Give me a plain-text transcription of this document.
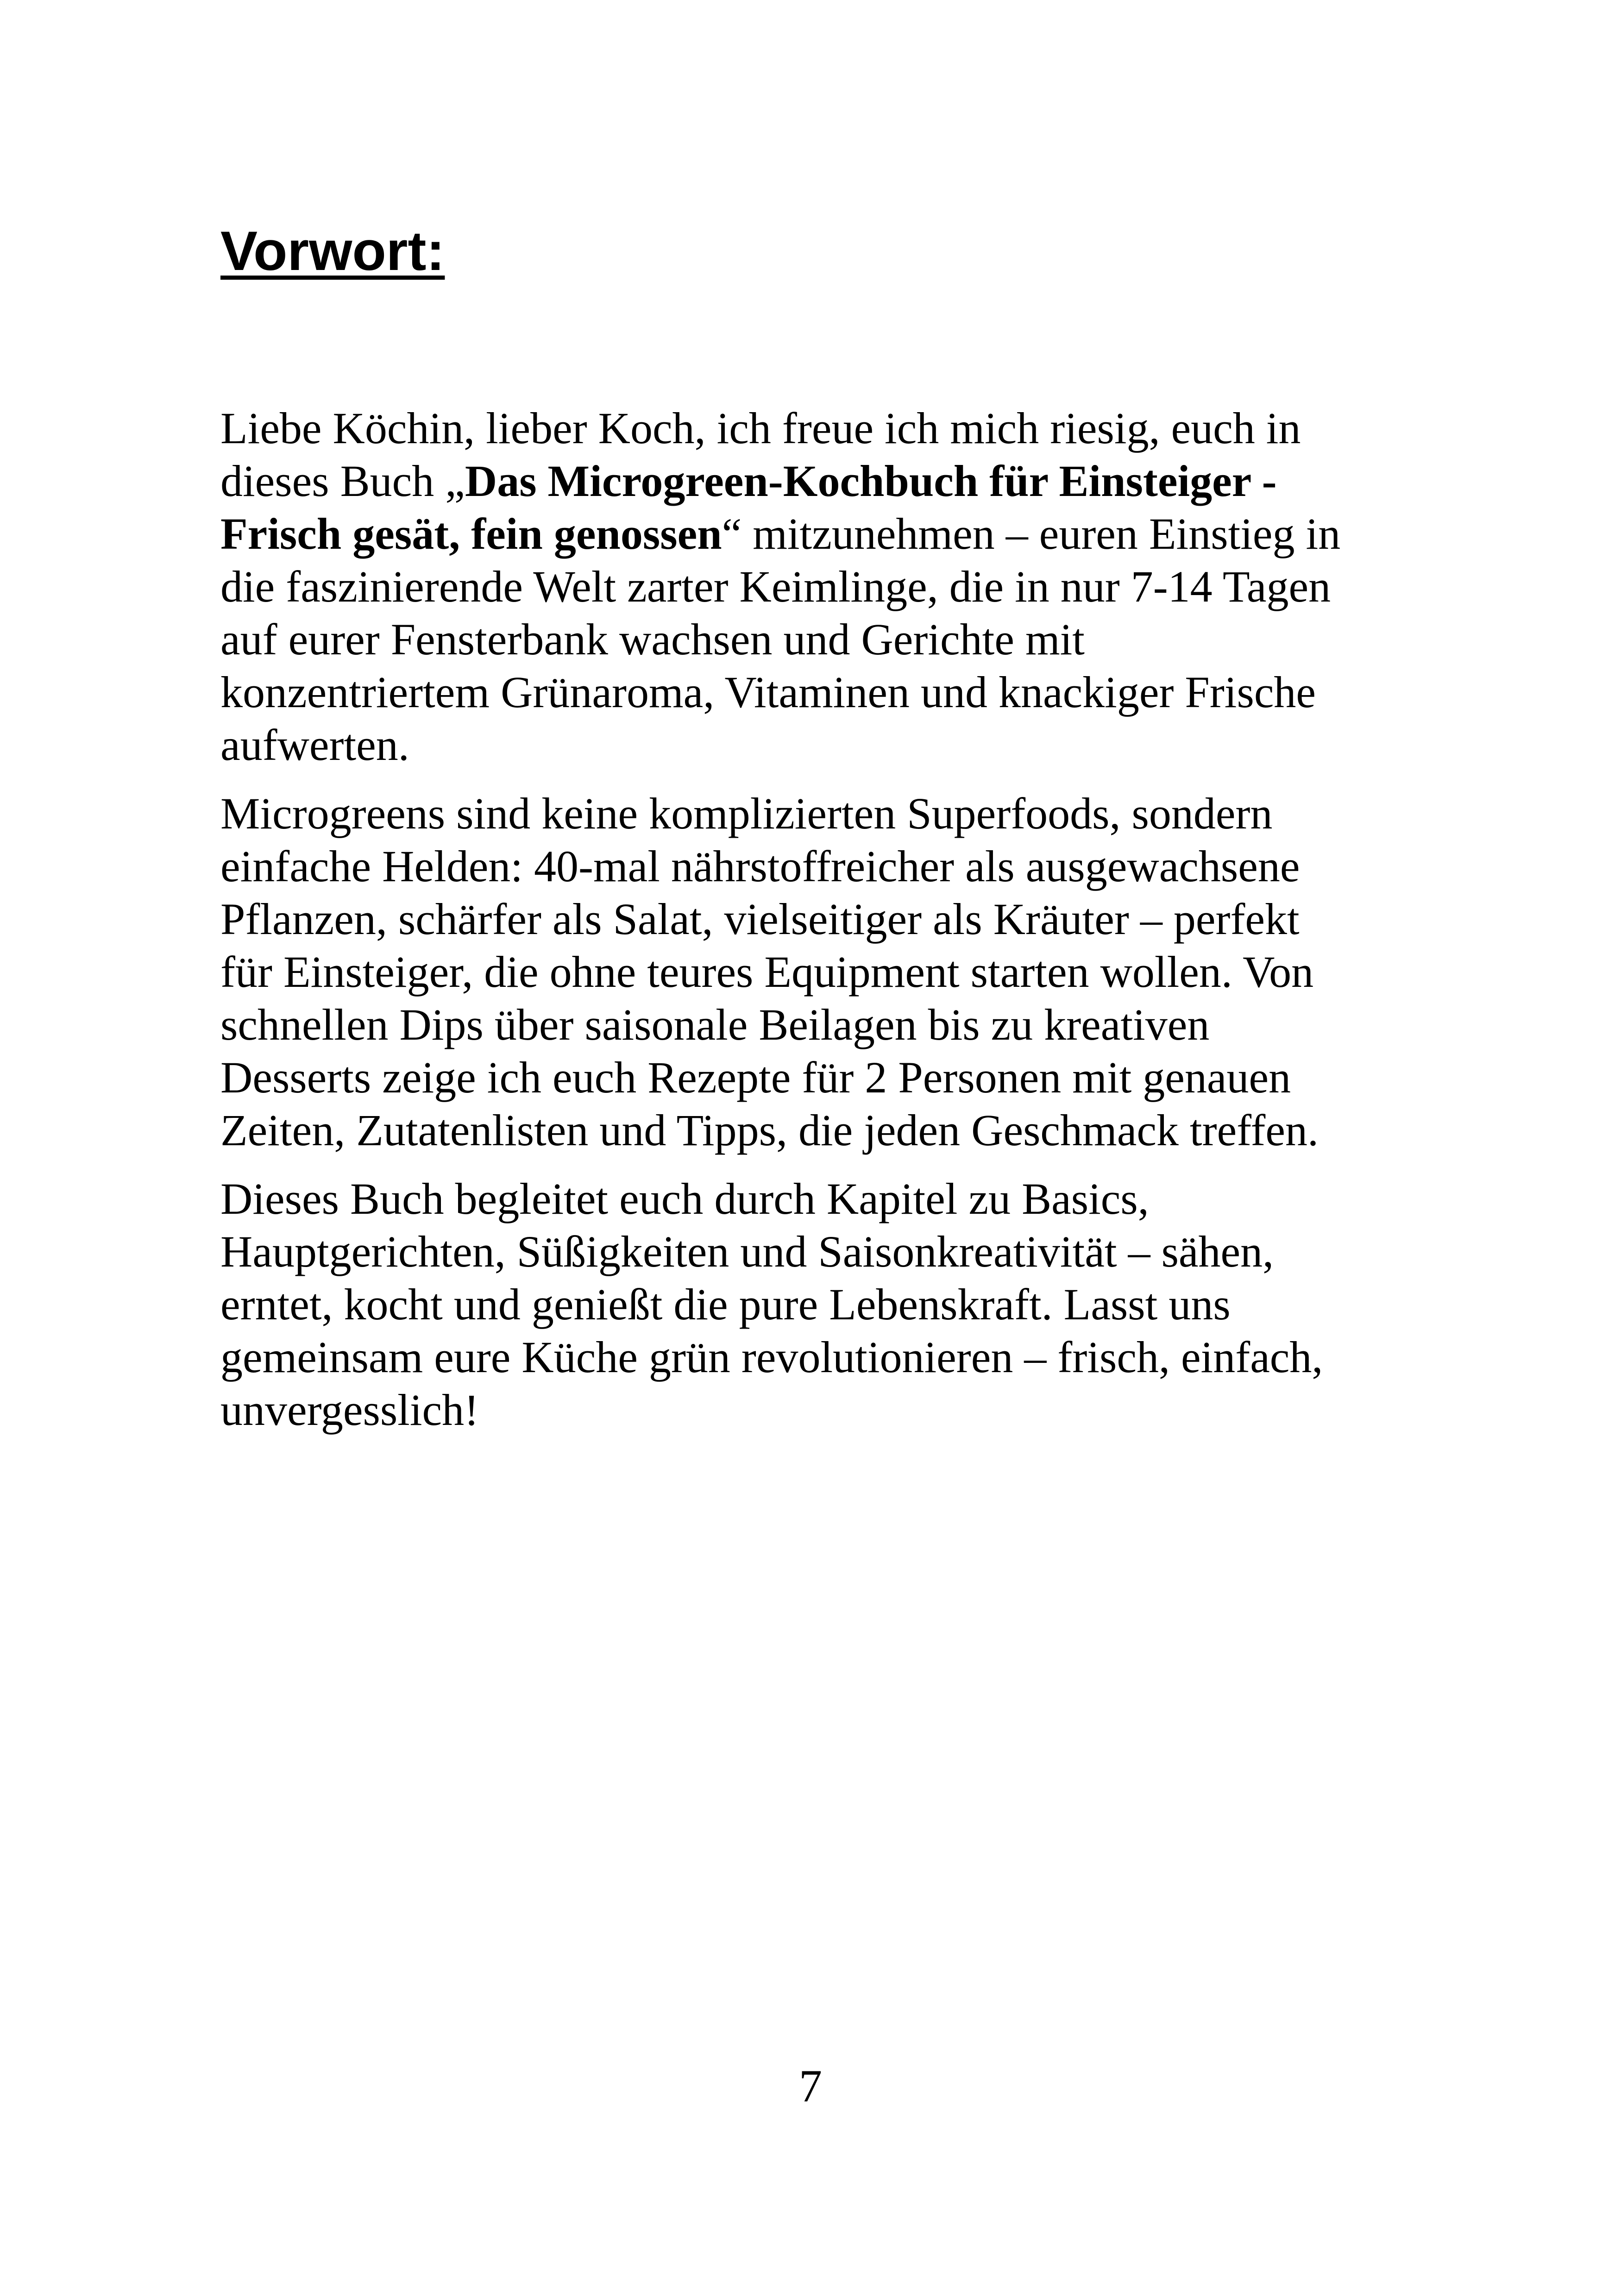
Vorwort:

Liebe Köchin, lieber Koch, ich freue ich mich riesig, euch in
dieses Buch „Das Microgreen-Kochbuch für Einsteiger -
Frisch gesät, fein genossen“ mitzunehmen – euren Einstieg in
die faszinierende Welt zarter Keimlinge, die in nur 7-14 Tagen
auf eurer Fensterbank wachsen und Gerichte mit
konzentriertem Grünaroma, Vitaminen und knackiger Frische
aufwerten.

Microgreens sind keine komplizierten Superfoods, sondern
einfache Helden: 40-mal nährstoffreicher als ausgewachsene
Pflanzen, schärfer als Salat, vielseitiger als Kräuter – perfekt
für Einsteiger, die ohne teures Equipment starten wollen. Von
schnellen Dips über saisonale Beilagen bis zu kreativen
Desserts zeige ich euch Rezepte für 2 Personen mit genauen
Zeiten, Zutatenlisten und Tipps, die jeden Geschmack treffen.

Dieses Buch begleitet euch durch Kapitel zu Basics,
Hauptgerichten, Süßigkeiten und Saisonkreativität – sähen,
erntet, kocht und genießt die pure Lebenskraft. Lasst uns
gemeinsam eure Küche grün revolutionieren – frisch, einfach,
unvergesslich!

7
